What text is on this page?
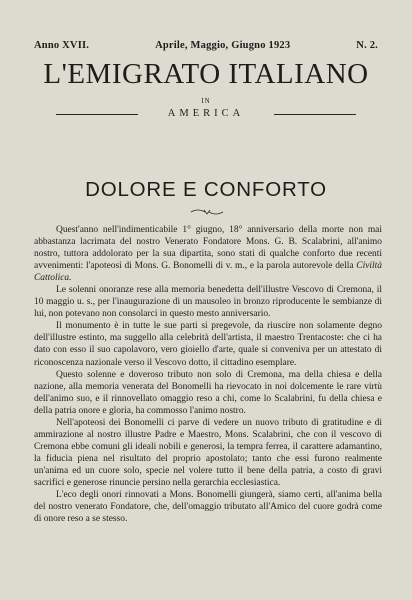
Anno XVII.	Aprile, Maggio, Giugno 1923	N. 2.
L'EMIGRATO ITALIANO
IN
AMERICA
DOLORE E CONFORTO

Quest'anno nell'indimenticabile 1° giugno, 18° anniversario della morte non mai abbastanza lacrimata del nostro Venerato Fondatore Mons. G. B. Scalabrini, all'animo nostro, tuttora addolorato per la sua dipartita, sono stati di qualche conforto due recenti avvenimenti: l'apoteosi di Mons. G. Bonomelli di v. m., e la parola autorevole della Civiltà Cattolica.

Le solenni onoranze rese alla memoria benedetta dell'illustre Vescovo di Cremona, il 10 maggio u. s., per l'inaugurazione di un mausoleo in bronzo riproducente le sembianze di lui, non potevano non consolarci in questo mesto anniversario.

Il monumento è in tutte le sue parti si pregevole, da riuscire non solamente degno dell'illustre estinto, ma suggello alla celebrità dell'artista, il maestro Trentacoste: che ci ha dato con esso il suo capolavoro, vero gioiello d'arte, quale si conveniva per un attestato di riconoscenza nazionale verso il Vescovo dotto, il cittadino esemplare.

Questo solenne e doveroso tributo non solo di Cremona, ma della chiesa e della nazione, alla memoria venerata del Bonomelli ha rievocato in noi dolcemente le rare virtù dell'animo suo, e il rinnovellato omaggio reso a chi, come lo Scalabrini, fu della chiesa e della patria onore e gloria, ha commosso l'animo nostro.

Nell'apoteosi dei Bonomelli ci parve di vedere un nuovo tributo di gratitudine e di ammirazione al nostro illustre Padre e Maestro, Mons. Scalabrini, che con il vescovo di Cremona ebbe comuni gli ideali nobili e generosi, la tempra ferrea, il carattere adamantino, la fiducia piena nel risultato del proprio apostolato; tanto che essi furono realmente un'anima ed un cuore solo, specie nel volere tutto il bene della patria, a costo di gravi sacrifici e generose rinuncie persino nella gerarchia ecclesiastica.

L'eco degli onori rinnovati a Mons. Bonomelli giungerà, siamo certi, all'anima bella del nostro venerato Fondatore, che, dell'omaggio tributato all'Amico del cuore godrà come di onore reso a se stesso.
